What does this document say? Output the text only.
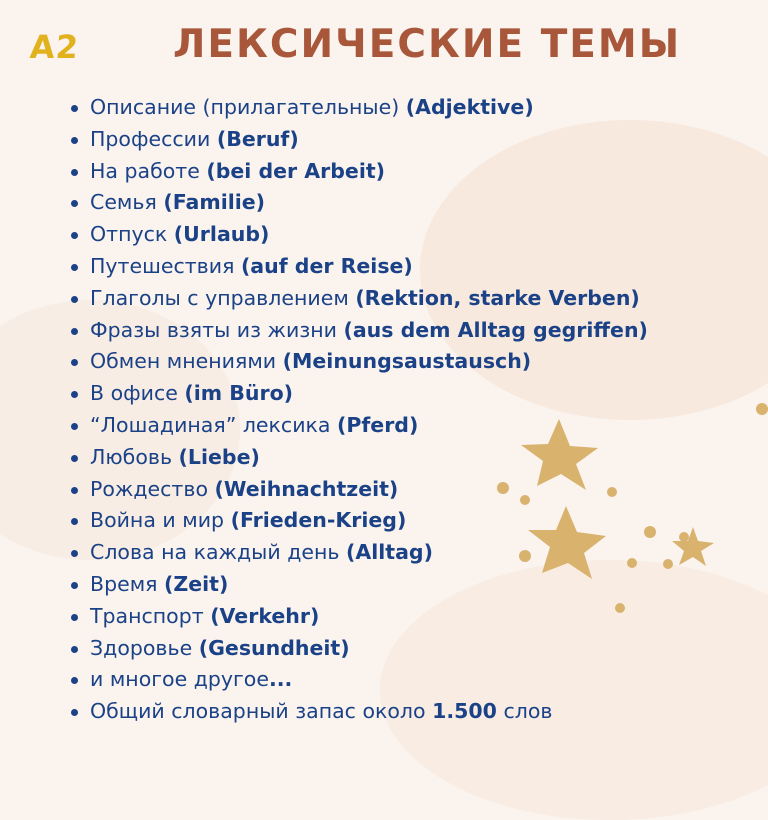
A2 ЛЕКСИЧЕСКИЕ ТЕМЫ
Описание (прилагательные) (Adjektive)
Профессии (Beruf)
На работе (bei der Arbeit)
Семья (Familie)
Отпуск (Urlaub)
Путешествия (auf der Reise)
Глаголы с управлением (Rektion, starke Verben)
Фразы взяты из жизни (aus dem Alltag gegriffen)
Обмен мнениями (Meinungsaustausch)
В офисе (im Büro)
“Лошадиная” лексика (Pferd)
Любовь (Liebe)
Рождество (Weihnachtzeit)
Война и мир (Frieden-Krieg)
Слова на каждый день (Alltag)
Время (Zeit)
Транспорт (Verkehr)
Здоровье (Gesundheit)
и многое другое...
Общий словарный запас около 1.500 слов
